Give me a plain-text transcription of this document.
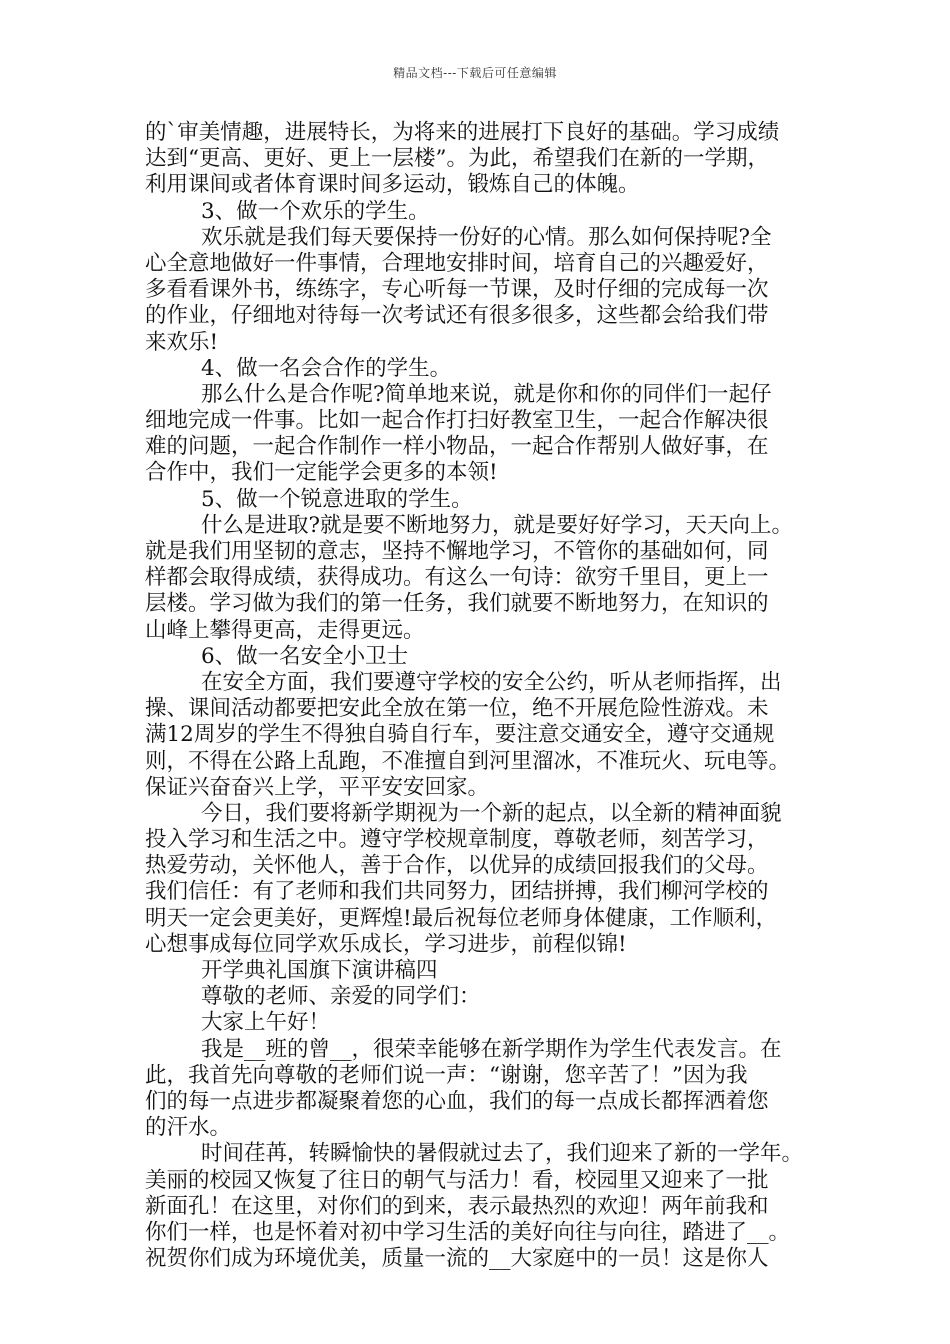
精品文档---下载后可任意编辑
的`审美情趣，进展特长，为将来的进展打下良好的基础。学习成绩
达到“更高、更好、更上一层楼”。为此，希望我们在新的一学期，
利用课间或者体育课时间多运动，锻炼自己的体魄。
3、做一个欢乐的学生。
欢乐就是我们每天要保持一份好的心情。那么如何保持呢?全
心全意地做好一件事情，合理地安排时间，培育自己的兴趣爱好，
多看看课外书，练练字，专心听每一节课，及时仔细的完成每一次
的作业，仔细地对待每一次考试还有很多很多，这些都会给我们带
来欢乐!
4、做一名会合作的学生。
那么什么是合作呢?简单地来说，就是你和你的同伴们一起仔
细地完成一件事。比如一起合作打扫好教室卫生，一起合作解决很
难的问题，一起合作制作一样小物品，一起合作帮别人做好事，在
合作中，我们一定能学会更多的本领!
5、做一个锐意进取的学生。
什么是进取?就是要不断地努力，就是要好好学习，天天向上。
就是我们用坚韧的意志，坚持不懈地学习，不管你的基础如何，同
样都会取得成绩，获得成功。有这么一句诗：欲穷千里目，更上一
层楼。学习做为我们的第一任务，我们就要不断地努力，在知识的
山峰上攀得更高，走得更远。
6、做一名安全小卫士
在安全方面，我们要遵守学校的安全公约，听从老师指挥，出
操、课间活动都要把安此全放在第一位，绝不开展危险性游戏。未
满12周岁的学生不得独自骑自行车，要注意交通安全，遵守交通规
则，不得在公路上乱跑，不准擅自到河里溜冰，不准玩火、玩电等。
保证兴奋奋兴上学，平平安安回家。
今日，我们要将新学期视为一个新的起点，以全新的精神面貌
投入学习和生活之中。遵守学校规章制度，尊敬老师，刻苦学习，
热爱劳动，关怀他人，善于合作，以优异的成绩回报我们的父母。
我们信任：有了老师和我们共同努力，团结拼搏，我们柳河学校的
明天一定会更美好，更辉煌!最后祝每位老师身体健康，工作顺利，
心想事成每位同学欢乐成长，学习进步，前程似锦!
开学典礼国旗下演讲稿四
尊敬的老师、亲爱的同学们：
大家上午好！
我是__班的曾__，很荣幸能够在新学期作为学生代表发言。在
此，我首先向尊敬的老师们说一声：“谢谢，您辛苦了！”因为我
们的每一点进步都凝聚着您的心血，我们的每一点成长都挥洒着您
的汗水。
时间荏苒，转瞬愉快的暑假就过去了，我们迎来了新的一学年。
美丽的校园又恢复了往日的朝气与活力！看，校园里又迎来了一批
新面孔！在这里，对你们的到来，表示最热烈的欢迎！两年前我和
你们一样，也是怀着对初中学习生活的美好向往与向往，踏进了__。
祝贺你们成为环境优美，质量一流的__大家庭中的一员！这是你人
